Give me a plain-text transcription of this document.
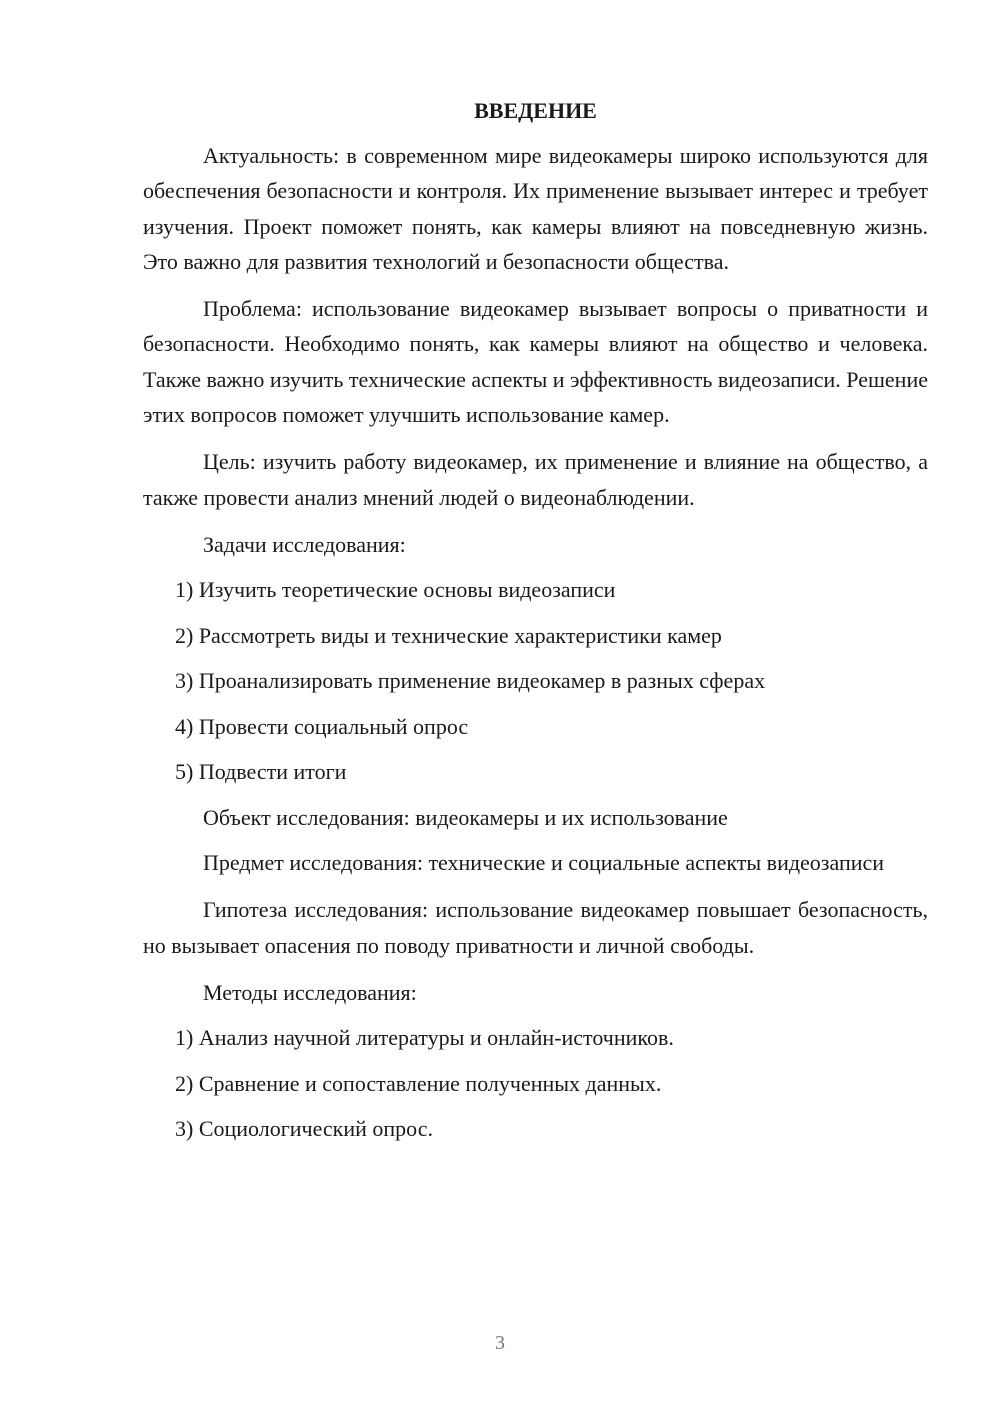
ВВЕДЕНИЕ

Актуальность: в современном мире видеокамеры широко используются для обеспечения безопасности и контроля. Их применение вызывает интерес и требует изучения. Проект поможет понять, как камеры влияют на повседневную жизнь. Это важно для развития технологий и безопасности общества.

Проблема: использование видеокамер вызывает вопросы о приватности и безопасности. Необходимо понять, как камеры влияют на общество и человека. Также важно изучить технические аспекты и эффективность видеозаписи. Решение этих вопросов поможет улучшить использование камер.

Цель: изучить работу видеокамер, их применение и влияние на общество, а также провести анализ мнений людей о видеонаблюдении.

Задачи исследования:

1) Изучить теоретические основы видеозаписи

2) Рассмотреть виды и технические характеристики камер

3) Проанализировать применение видеокамер в разных сферах

4) Провести социальный опрос

5) Подвести итоги

Объект исследования: видеокамеры и их использование

Предмет исследования: технические и социальные аспекты видеозаписи

Гипотеза исследования: использование видеокамер повышает безопасность, но вызывает опасения по поводу приватности и личной свободы.

Методы исследования:

1) Анализ научной литературы и онлайн-источников.

2) Сравнение и сопоставление полученных данных.

3) Социологический опрос.

3
